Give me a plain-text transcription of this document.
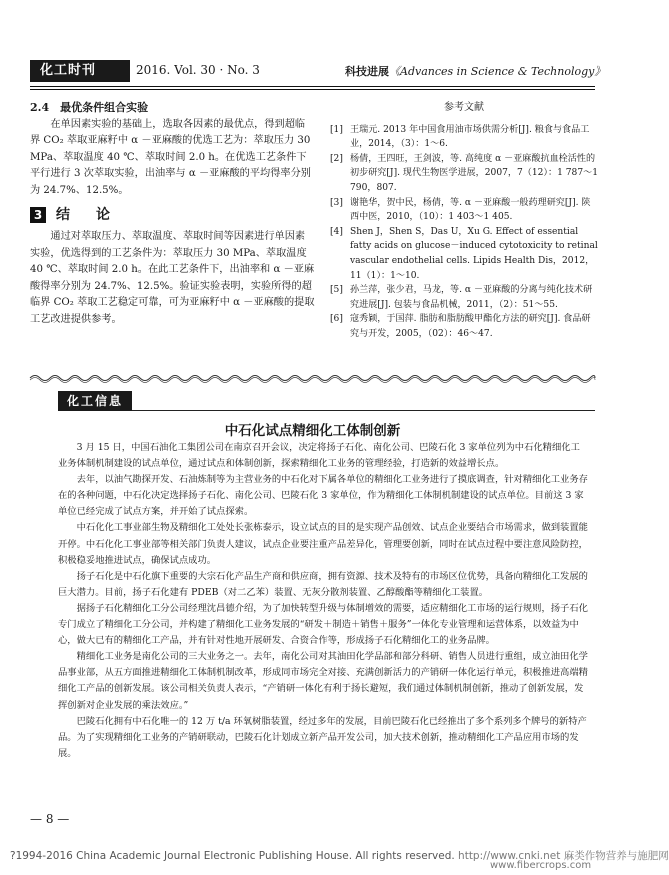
化工时刊	2016. Vol. 30 · No. 3	科技进展《Advances in Science & Technology》

2.4　最优条件组合实验

在单因素实验的基础上，选取各因素的最优点，得到超临界 CO₂ 萃取亚麻籽中 α －亚麻酸的优选工艺为：萃取压力 30 MPa、萃取温度 40 ℃、萃取时间 2.0 h。在优选工艺条件下平行进行 3 次萃取实验，出油率与 α －亚麻酸的平均得率分别为 24.7%、12.5%。

3 结　论

通过对萃取压力、萃取温度、萃取时间等因素进行单因素实验，优选得到的工艺条件为：萃取压力 30 MPa、萃取温度 40 ℃、萃取时间 2.0 h。在此工艺条件下，出油率和 α －亚麻酸得率分别为 24.7%、12.5%。验证实验表明，实验所得的超临界 CO₂ 萃取工艺稳定可靠，可为亚麻籽中 α －亚麻酸的提取工艺改进提供参考。

参考文献
[1] 王瑞元. 2013 年中国食用油市场供需分析[J]. 粮食与食品工业，2014，（3）：1～6.
[2] 杨倩，王四旺，王剑波，等. 高纯度 α －亚麻酸抗血栓活性的初步研究[J]. 现代生物医学进展，2007，7（12）：1 787～1 790，807.
[3] 谢艳华，贺中民，杨倩，等. α －亚麻酸一般药理研究[J]. 陕西中医，2010，（10）：1 403～1 405.
[4] Shen J，Shen S，Das U，Xu G. Effect of essential fatty acids on glucose－induced cytotoxicity to retinal vascular endothelial cells. Lipids Health Dis，2012，11（1）：1～10.
[5] 孙兰萍，张少君，马龙，等. α －亚麻酸的分离与纯化技术研究进展[J]. 包装与食品机械，2011，（2）：51～55.
[6] 寇秀颖，于国萍. 脂肪和脂肪酸甲酯化方法的研究[J]. 食品研究与开发，2005，（02）：46～47.
化工信息
中石化试点精细化工体制创新

3 月 15 日，中国石油化工集团公司在南京召开会议，决定将扬子石化、南化公司、巴陵石化 3 家单位列为中石化精细化工业务体制机制建设的试点单位，通过试点和体制创新，探索精细化工业务的管理经验，打造新的效益增长点。

去年，以油气勘探开发、石油炼制等为主营业务的中石化对下属各单位的精细化工业务进行了摸底调查，针对精细化工业务存在的各种问题，中石化决定选择扬子石化、南化公司、巴陵石化 3 家单位，作为精细化工体制机制建设的试点单位。目前这 3 家单位已经完成了试点方案，并开始了试点探索。

中石化化工事业部生物及精细化工处处长张栋泰示，设立试点的目的是实现产品创效、试点企业要结合市场需求，做到装置能开停。中石化化工事业部等相关部门负责人建议，试点企业要注重产品差异化，管理要创新，同时在试点过程中要注意风险防控，积极稳妥地推进试点，确保试点成功。

扬子石化是中石化旗下重要的大宗石化产品生产商和供应商，拥有资源、技术及特有的市场区位优势，具备向精细化工发展的巨大潜力。目前，扬子石化建有 PDEB（对二乙苯）装置、无灰分散剂装置、乙醇酸酯等精细化工装置。

据扬子石化精细化工分公司经理沈昌德介绍，为了加快转型升级与体制增效的需要，适应精细化工市场的运行规则，扬子石化专门成立了精细化工分公司，并构建了精细化工业务发展的“研发＋制造＋销售＋服务”一体化专业管理和运营体系，以效益为中心，做大已有的精细化工产品，并有针对性地开展研发、合资合作等，形成扬子石化精细化工的业务品牌。

精细化工业务是南化公司的三大业务之一。去年，南化公司对其油田化学品部和部分科研、销售人员进行重组，成立油田化学品事业部，从五方面推进精细化工体制机制改革，形成同市场完全对接、充满创新活力的产销研一体化运行单元，积极推进高端精细化工产品的创新发展。该公司相关负责人表示，“产销研一体化有利于扬长避短，我们通过体制机制创新，推动了创新发展，发挥创新对企业发展的乘法效应。”

巴陵石化拥有中石化唯一的 12 万 t/a 环氧树脂装置，经过多年的发展，目前巴陵石化已经推出了多个系列多个牌号的新特产品。为了实现精细化工业务的产销研联动，巴陵石化计划成立新产品开发公司，加大技术创新，推动精细化工产品应用市场的发展。

— 8 —
?1994-2016 China Academic Journal Electronic Publishing House. All rights reserved. http://www.cnki.net 麻类作物营养与施肥网
www.fibercrops.com
